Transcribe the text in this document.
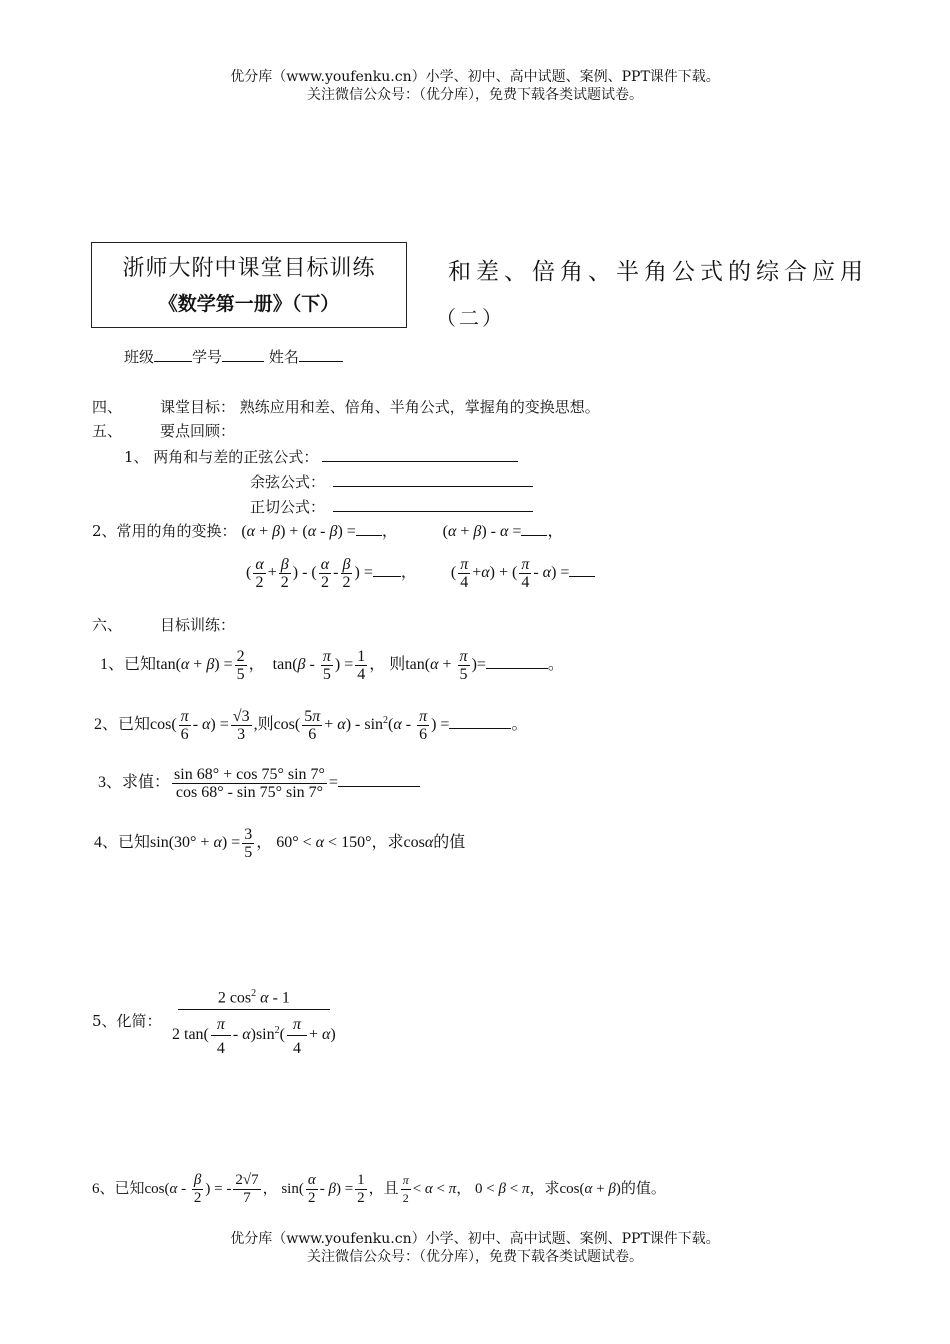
优分库（www.youfenku.cn）小学、初中、高中试题、案例、PPT课件下载。
关注微信公众号：（优分库），免费下载各类试题试卷。
浙师大附中课堂目标训练
《数学第一册》（下）
和差、倍角、半角公式的综合应用
（二）
班级	学号	姓名
四、	课堂目标： 熟练应用和差、倍角、半角公式，掌握角的变换思想。
五、	要点回顾：
1、 两角和与差的正弦公式：
余弦公式：
正切公式：
2、常用的角的变换： (α + β) + (α - β) = ，	(α + β) - α = ，
( $\frac{\alpha}{2} + \frac{\beta}{2}$ ) - ( $\frac{\alpha}{2} - \frac{\beta}{2}$ ) = ， ( $\frac{\pi}{4} +\alpha$) + ( $\frac{\pi}{4} - \alpha$) =
六、	目标训练：
1、已知$\tan(\alpha + \beta) = \frac{2}{5}$ ，  $\tan(\beta - \frac{\pi}{5}$ ) = $\frac{1}{4}$ ， 则$\tan(\alpha + \frac{\pi}{5}$ )=	。
2、已知$\cos( \frac{\pi}{6} - \alpha) = \frac{√3}{3}$ ,则$\cos( \frac{5\pi}{6} + \alpha) - \sin^2(\alpha - \frac{\pi}{6}$ ) =	。
3、求值： $\frac{\sin 68^\circ + \cos 75^\circ \sin 7^\circ}{\cos 68^\circ - \sin 75^\circ \sin 7^\circ}$ =
4、已知$\sin(30^\circ + \alpha) = \frac{3}{5}$ ， 60° < α < 150°，求cosα的值
5、化简： $\frac{2 \cos^2 \alpha - 1}{2 \tan( \frac{\pi}{4} - \alpha)\sin^2( \frac{\pi}{4} + \alpha)}$
6、已知$\cos(\alpha - \frac{\beta}{2}$ ) = - $\frac{2√7}{7}$ ， $\sin( \frac{\alpha}{2} - \beta) = \frac{1}{2}$ ，且 $\frac{\pi}{2} < \alpha < \pi$， 0 < β < π，求cos(α + β)的值。
优分库（www.youfenku.cn）小学、初中、高中试题、案例、PPT课件下载。
关注微信公众号：（优分库），免费下载各类试题试卷。
